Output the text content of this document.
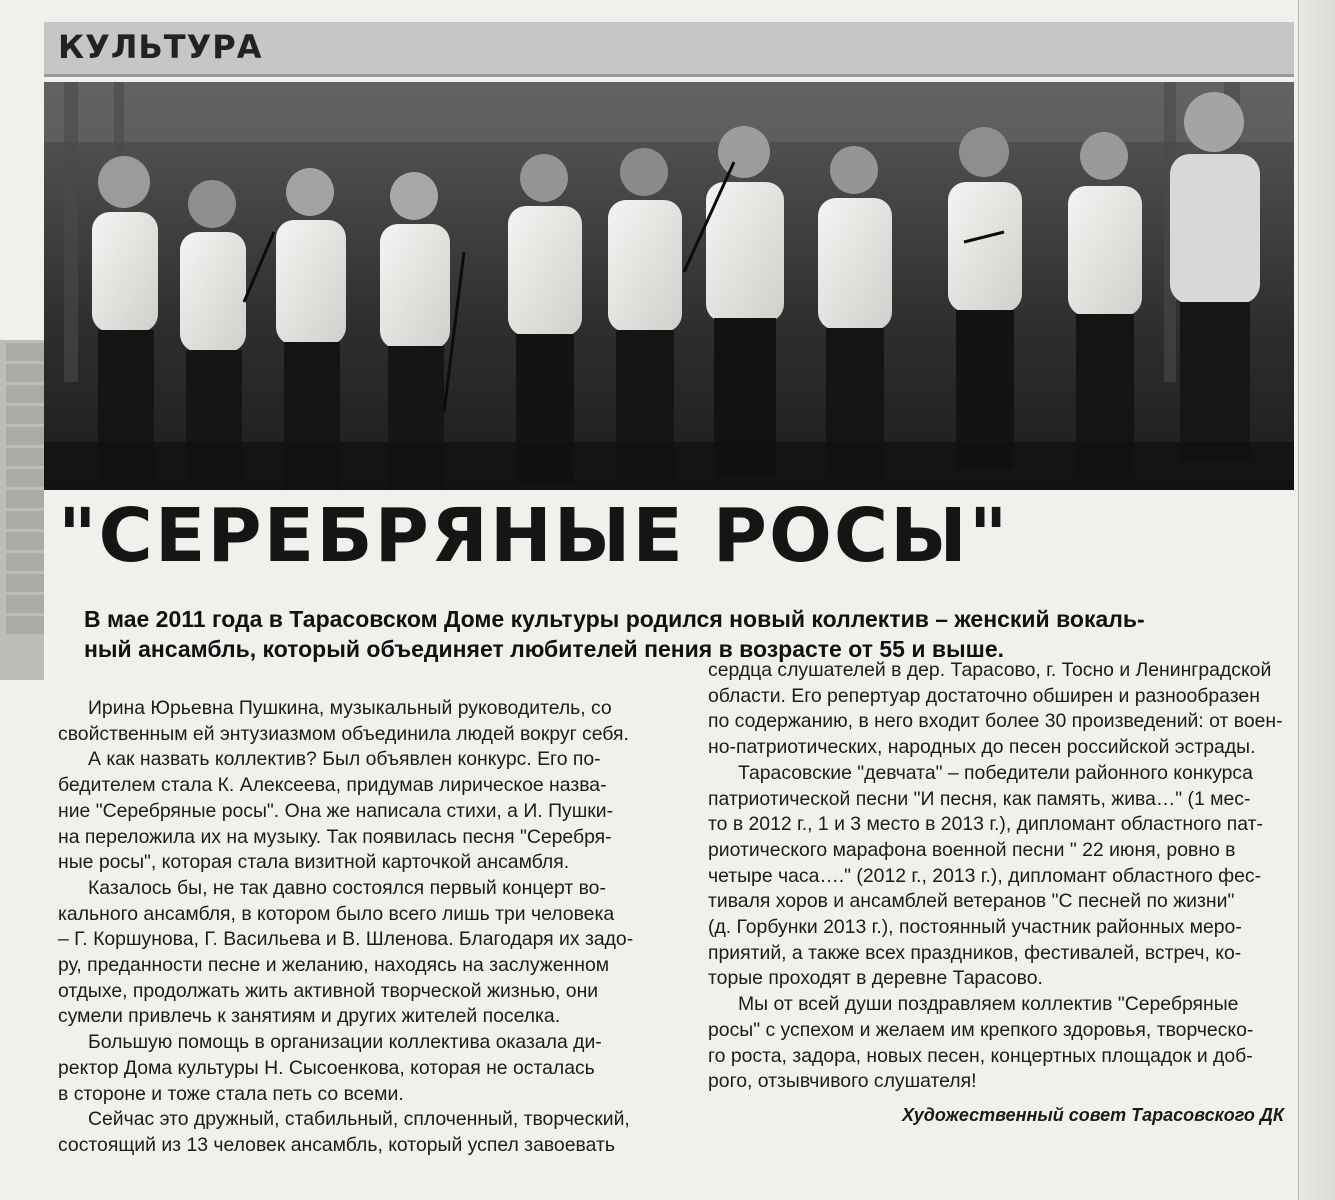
КУЛЬТУРА
"СЕРЕБРЯНЫЕ РОСЫ"

В мае 2011 года в Тарасовском Доме культуры родился новый коллектив – женский вокаль-

ный ансамбль, который объединяет любителей пения в возрасте от 55 и выше.

Ирина Юрьевна Пушкина, музыкальный руководитель, со

свойственным ей энтузиазмом объединила людей вокруг себя.

А как назвать коллектив? Был объявлен конкурс. Его по-

бедителем стала К. Алексеева, придумав лирическое назва-

ние "Серебряные росы". Она же написала стихи, а И. Пушки-

на переложила их на музыку. Так появилась песня "Серебря-

ные росы", которая стала визитной карточкой ансамбля.

Казалось бы, не так давно состоялся первый концерт во-

кального ансамбля, в котором было всего лишь три человека

– Г. Коршунова, Г. Васильева и В. Шленова. Благодаря их задо-

ру, преданности песне и желанию, находясь на заслуженном

отдыхе, продолжать жить активной творческой жизнью, они

сумели привлечь к занятиям и других жителей поселка.

Большую помощь в организации коллектива оказала ди-

ректор Дома культуры Н. Сысоенкова, которая не осталась

в стороне и тоже стала петь со всеми.

Сейчас это дружный, стабильный, сплоченный, творческий,

состоящий из 13 человек ансамбль, который успел завоевать

сердца слушателей в дер. Тарасово, г. Тосно и Ленинградской

области. Его репертуар достаточно обширен и разнообразен

по содержанию, в него входит более 30 произведений: от воен-

но-патриотических, народных до песен российской эстрады.

Тарасовские "девчата" – победители районного конкурса

патриотической песни "И песня, как память, жива…" (1 мес-

то в 2012 г., 1 и 3 место в 2013 г.), дипломант областного пат-

риотического марафона военной песни " 22 июня, ровно в

четыре часа…." (2012 г., 2013 г.), дипломант областного фес-

тиваля хоров и ансамблей ветеранов "С песней по жизни"

(д. Горбунки 2013 г.), постоянный участник районных меро-

приятий, а также всех праздников, фестивалей, встреч, ко-

торые проходят в деревне Тарасово.

Мы от всей души поздравляем коллектив "Серебряные

росы" с успехом и желаем им крепкого здоровья, творческо-

го роста, задора, новых песен, концертных площадок и доб-

рого, отзывчивого слушателя!

Художественный совет Тарасовского ДК
